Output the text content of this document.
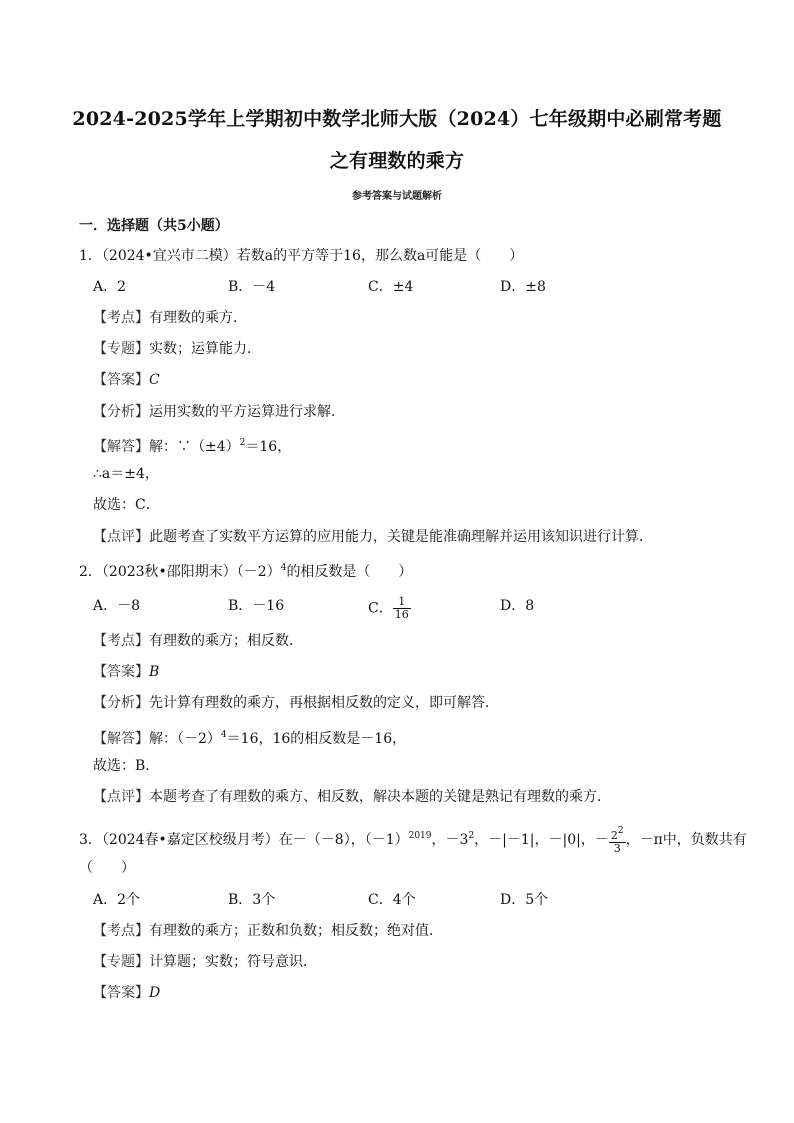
2024-2025学年上学期初中数学北师大版（2024）七年级期中必刷常考题
之有理数的乘方
参考答案与试题解析
一．选择题（共5小题）
1．（2024•宜兴市二模）若数a的平方等于16，那么数a可能是（　　）
A．2	B．－4	C．±4	D．±8
【考点】有理数的乘方．
【专题】实数；运算能力．
【答案】C
【分析】运用实数的平方运算进行求解．
【解答】解：$\because(\pm 4)^2=16$，
∴a＝±4，
故选：C．
【点评】此题考查了实数平方运算的应用能力，关键是能准确理解并运用该知识进行计算．
2．（2023秋•邵阳期末）$(-2)^4$的相反数是（　　）
A．－8	B．－16	C． $\frac{1}{16}$	D．8
【考点】有理数的乘方；相反数．
【答案】B
【分析】先计算有理数的乘方，再根据相反数的定义，即可解答．
【解答】解：$(-2)^4=16$，16的相反数是－16，
故选：B．
【点评】本题考查了有理数的乘方、相反数，解决本题的关键是熟记有理数的乘方．
3．（2024春•嘉定区校级月考）在－（－8），$(-1)^{2019}$，$-3^2$，－|－1|，－|0|，－ $\frac{2^2}{3}$ ，－π中，负数共有
（　　）
A．2个	B．3个	C．4个	D．5个
【考点】有理数的乘方；正数和负数；相反数；绝对值．
【专题】计算题；实数；符号意识．
【答案】D
